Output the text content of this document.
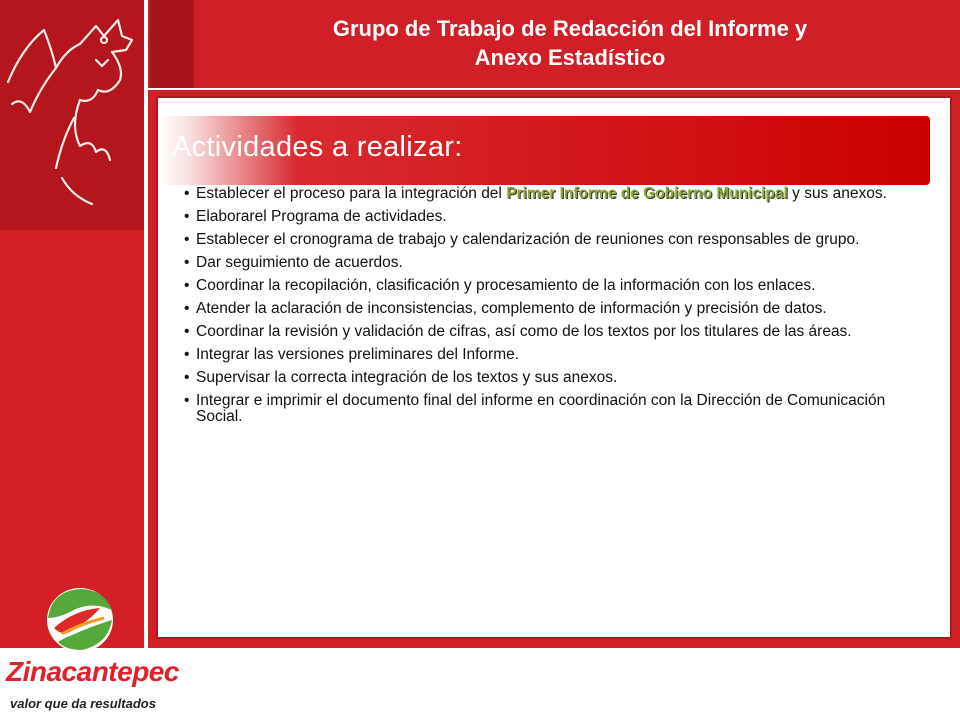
Grupo de Trabajo de Redacción del Informe y
Anexo Estadístico
Actividades a realizar:
• Establecer el proceso para la integración del Primer Informe de Gobierno Municipal y sus anexos.
• Elaborarel Programa de actividades.
• Establecer el cronograma de trabajo y calendarización de reuniones con responsables de grupo.
• Dar seguimiento de acuerdos.
• Coordinar la recopilación, clasificación y procesamiento de la información con los enlaces.
• Atender la aclaración de inconsistencias, complemento de información y precisión de datos.
• Coordinar la revisión y validación de cifras, así como de los textos por los titulares de las áreas.
• Integrar las versiones preliminares del Informe.
• Supervisar la correcta integración de los textos y sus anexos.
• Integrar e imprimir el documento final del informe en coordinación con la Dirección de Comunicación Social.
Zinacantepec
valor que da resultados
